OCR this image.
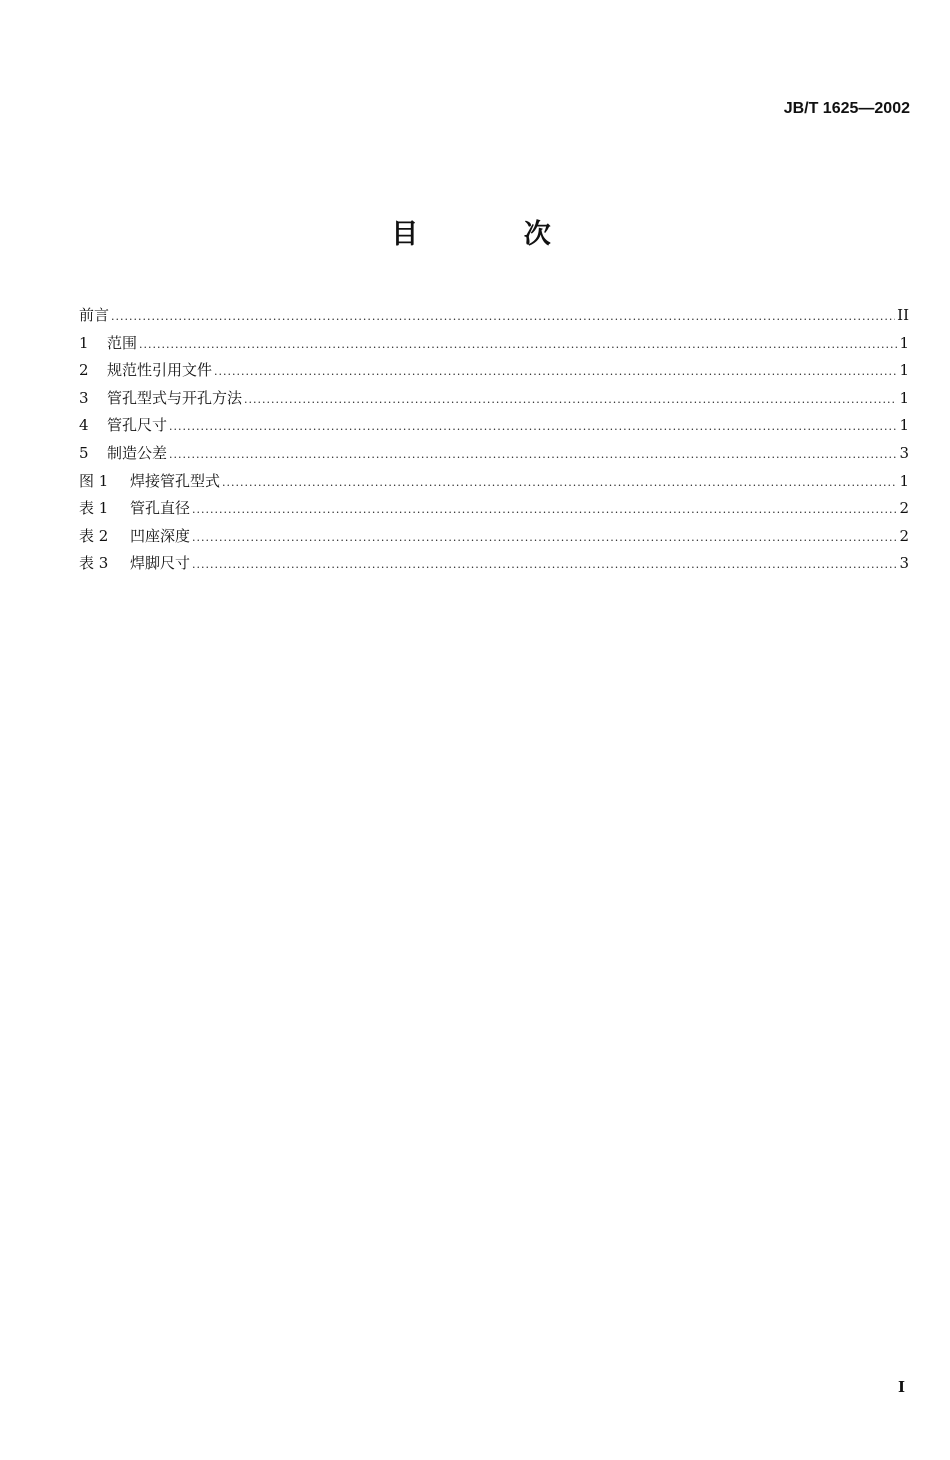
JB/T 1625—2002
目 次
前言 .....	II
1	范围 .....	1
2	规范性引用文件 .....	1
3	管孔型式与开孔方法 .....	1
4	管孔尺寸 .....	1
5	制造公差 .....	3
图 1	焊接管孔型式 .....	1
表 1	管孔直径 .....	2
表 2	凹座深度 .....	2
表 3	焊脚尺寸 .....	3
I
